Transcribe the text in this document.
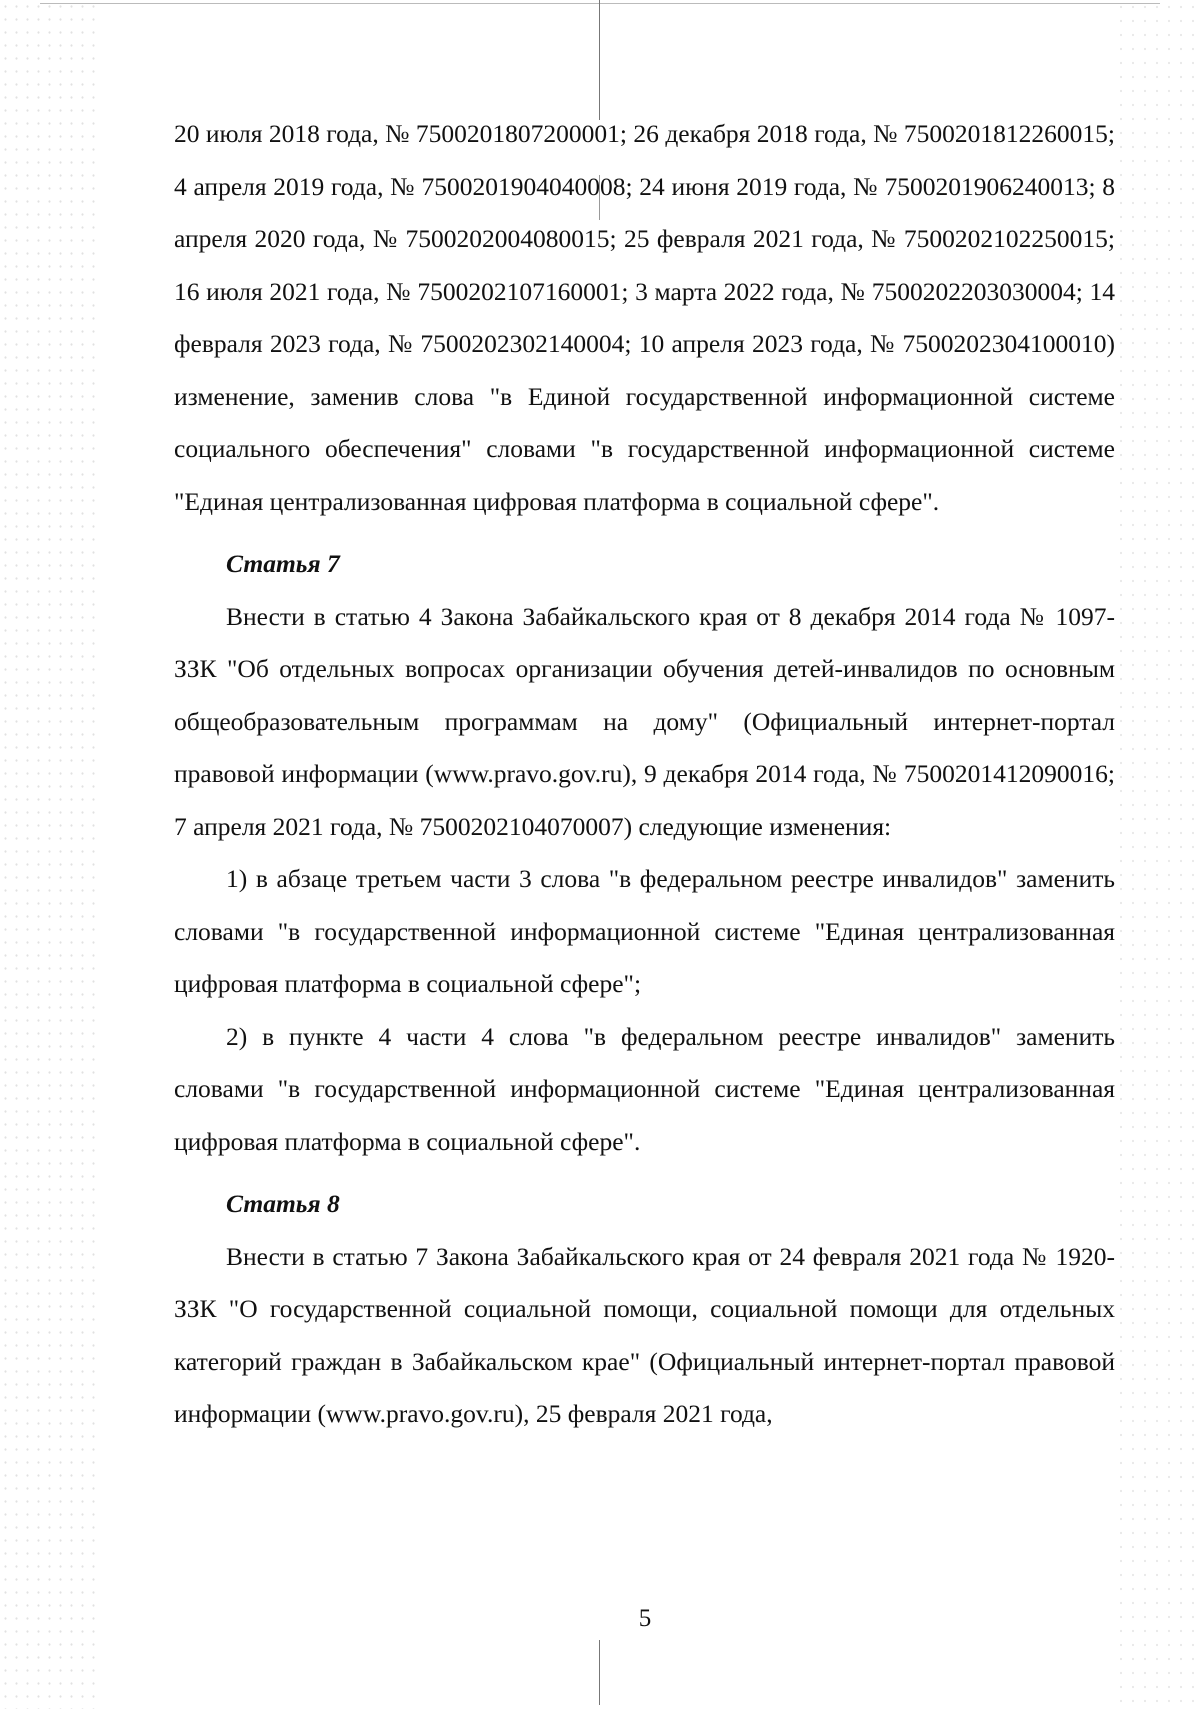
20 июля 2018 года, № 7500201807200001; 26 декабря 2018 года, № 7500201812260015; 4 апреля 2019 года, № 7500201904040008; 24 июня 2019 года, № 7500201906240013; 8 апреля 2020 года, № 7500202004080015; 25 февраля 2021 года, № 7500202102250015; 16 июля 2021 года, № 7500202107160001; 3 марта 2022 года, № 7500202203030004; 14 февраля 2023 года, № 7500202302140004; 10 апреля 2023 года, № 7500202304100010) изменение, заменив слова "в Единой государственной информационной системе социального обеспечения" словами "в государственной информационной системе "Единая централизованная цифровая платформа в социальной сфере".

Статья 7

Внести в статью 4 Закона Забайкальского края от 8 декабря 2014 года № 1097-ЗЗК "Об отдельных вопросах организации обучения детей-инвалидов по основным общеобразовательным программам на дому" (Официальный интернет-портал правовой информации (www.pravo.gov.ru), 9 декабря 2014 года, № 7500201412090016; 7 апреля 2021 года, № 7500202104070007) следующие изменения:

1) в абзаце третьем части 3 слова "в федеральном реестре инвалидов" заменить словами "в государственной информационной системе "Единая централизованная цифровая платформа в социальной сфере";

2) в пункте 4 части 4 слова "в федеральном реестре инвалидов" заменить словами "в государственной информационной системе "Единая централизованная цифровая платформа в социальной сфере".

Статья 8

Внести в статью 7 Закона Забайкальского края от 24 февраля 2021 года № 1920-ЗЗК "О государственной социальной помощи, социальной помощи для отдельных категорий граждан в Забайкальском крае" (Официальный интернет-портал правовой информации (www.pravo.gov.ru), 25 февраля 2021 года,

5
